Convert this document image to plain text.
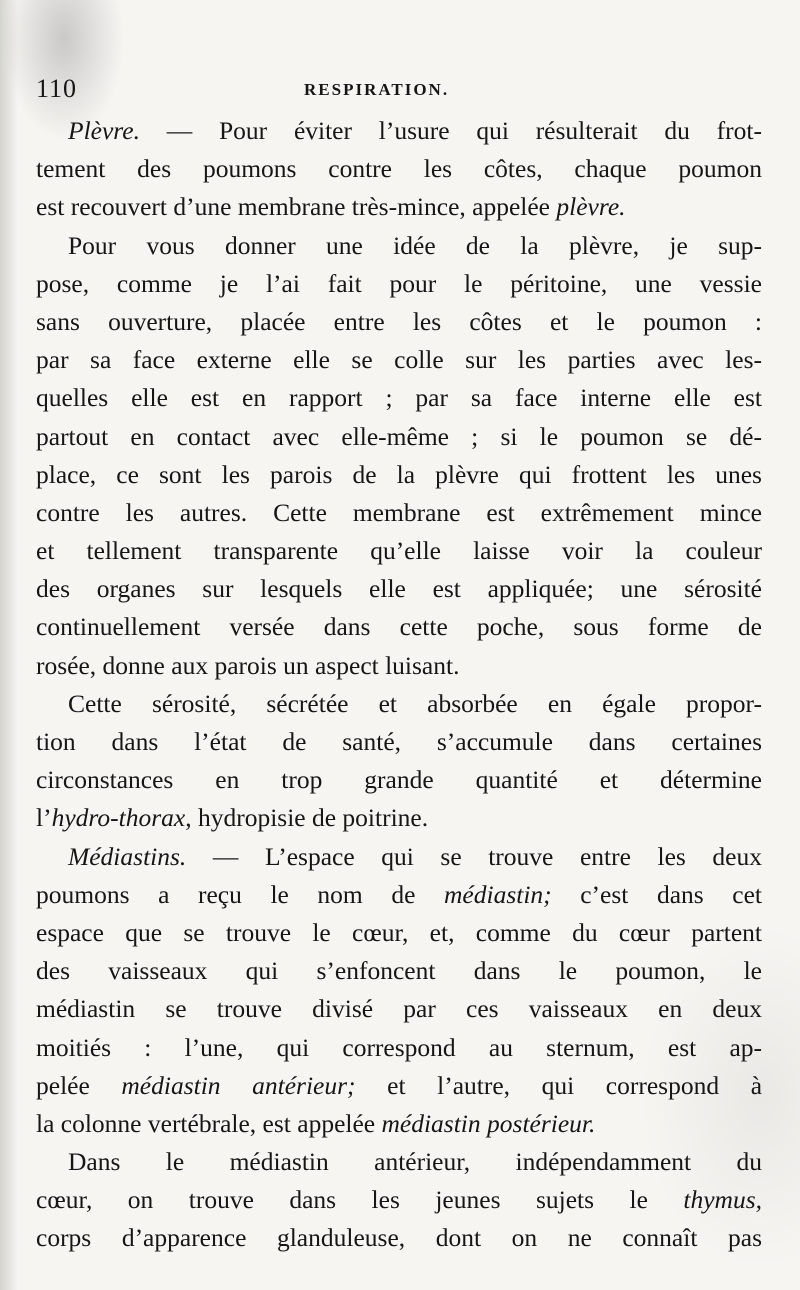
110	RESPIRATION.
Plèvre. — Pour éviter l’usure qui résulterait du frot-
tement des poumons contre les côtes, chaque poumon
est recouvert d’une membrane très-mince, appelée plèvre.
Pour vous donner une idée de la plèvre, je sup-
pose, comme je l’ai fait pour le péritoine, une vessie
sans ouverture, placée entre les côtes et le poumon :
par sa face externe elle se colle sur les parties avec les-
quelles elle est en rapport ; par sa face interne elle est
partout en contact avec elle-même ; si le poumon se dé-
place, ce sont les parois de la plèvre qui frottent les unes
contre les autres. Cette membrane est extrêmement mince
et tellement transparente qu’elle laisse voir la couleur
des organes sur lesquels elle est appliquée; une sérosité
continuellement versée dans cette poche, sous forme de
rosée, donne aux parois un aspect luisant.
Cette sérosité, sécrétée et absorbée en égale propor-
tion dans l’état de santé, s’accumule dans certaines
circonstances en trop grande quantité et détermine
l’hydro-thorax, hydropisie de poitrine.
Médiastins. — L’espace qui se trouve entre les deux
poumons a reçu le nom de médiastin; c’est dans cet
espace que se trouve le cœur, et, comme du cœur partent
des vaisseaux qui s’enfoncent dans le poumon, le
médiastin se trouve divisé par ces vaisseaux en deux
moitiés : l’une, qui correspond au sternum, est ap-
pelée médiastin antérieur; et l’autre, qui correspond à
la colonne vertébrale, est appelée médiastin postérieur.
Dans le médiastin antérieur, indépendamment du
cœur, on trouve dans les jeunes sujets le thymus,
corps d’apparence glanduleuse, dont on ne connaît pas
